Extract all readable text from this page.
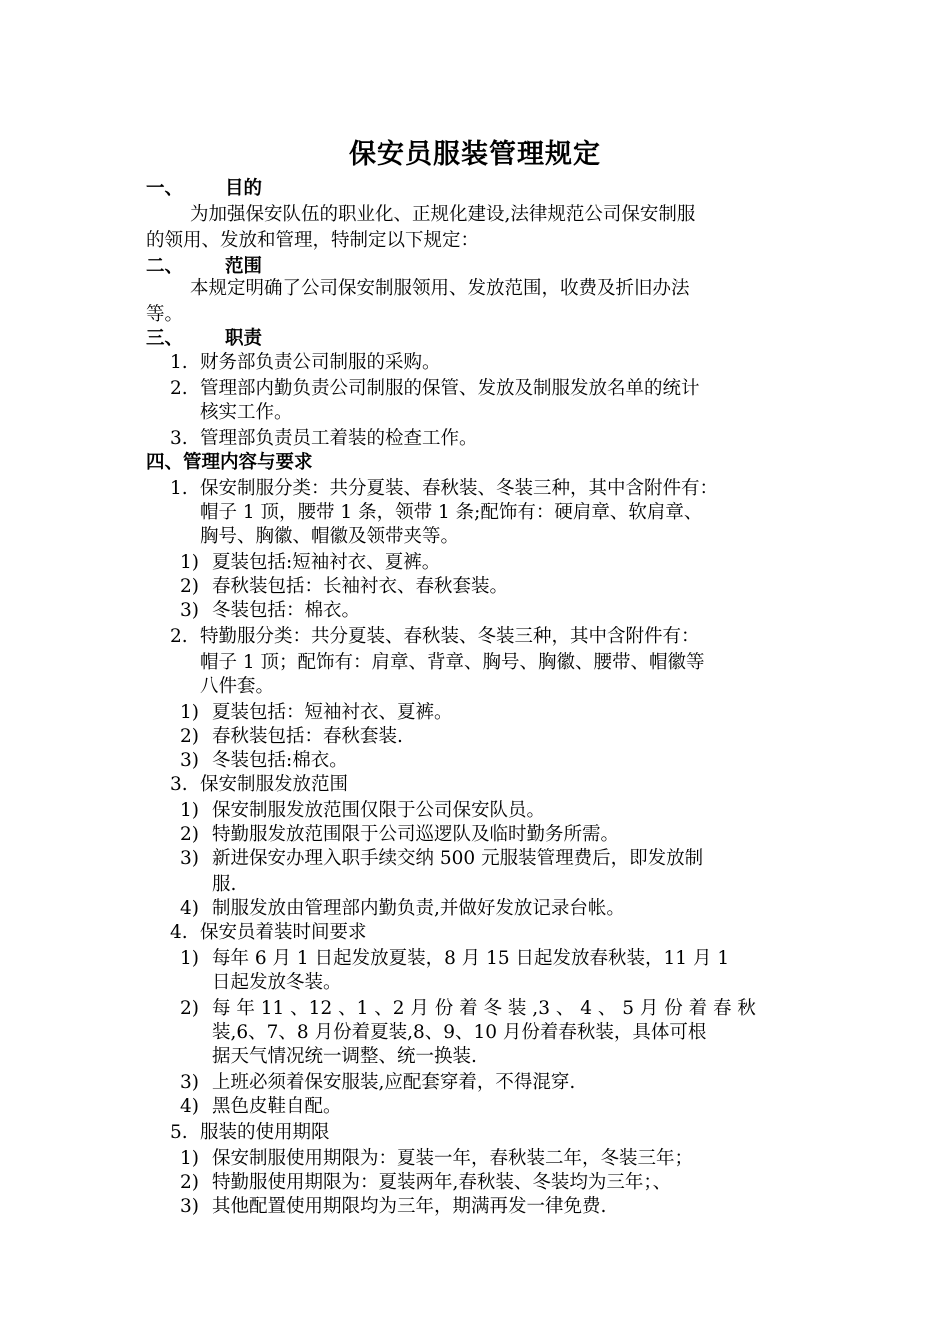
保安员服装管理规定
一、 目的
为加强保安队伍的职业化、正规化建设,法律规范公司保安制服
的领用、发放和管理，特制定以下规定：
二、 范围
本规定明确了公司保安制服领用、发放范围，收费及折旧办法
等。
三、 职责
1. 财务部负责公司制服的采购。
2. 管理部内勤负责公司制服的保管、发放及制服发放名单的统计
核实工作。
3. 管理部负责员工着装的检查工作。
四、管理内容与要求
1. 保安制服分类：共分夏装、春秋装、冬装三种，其中含附件有：
帽子 1 顶，腰带 1 条，领带 1 条;配饰有：硬肩章、软肩章、
胸号、胸徽、帽徽及领带夹等。
1) 夏装包括:短袖衬衣、夏裤。
2) 春秋装包括：长袖衬衣、春秋套装。
3) 冬装包括：棉衣。
2. 特勤服分类：共分夏装、春秋装、冬装三种，其中含附件有：
帽子 1 顶；配饰有：肩章、背章、胸号、胸徽、腰带、帽徽等
八件套。
1) 夏装包括：短袖衬衣、夏裤。
2) 春秋装包括：春秋套装.
3) 冬装包括:棉衣。
3. 保安制服发放范围
1) 保安制服发放范围仅限于公司保安队员。
2) 特勤服发放范围限于公司巡逻队及临时勤务所需。
3) 新进保安办理入职手续交纳 500 元服装管理费后，即发放制
服.
4) 制服发放由管理部内勤负责,并做好发放记录台帐。
4. 保安员着装时间要求
1) 每年 6 月 1 日起发放夏装，8 月 15 日起发放春秋装，11 月 1
日起发放冬装。
2) 每 年 11 、12 、1 、2 月 份 着 冬 装 ,3 、 4 、 5 月 份 着 春 秋
装,6、7、8 月份着夏装,8、9、10 月份着春秋装，具体可根
据天气情况统一调整、统一换装.
3) 上班必须着保安服装,应配套穿着，不得混穿.
4) 黑色皮鞋自配。
5. 服装的使用期限
1) 保安制服使用期限为：夏装一年，春秋装二年，冬装三年；
2) 特勤服使用期限为：夏装两年,春秋装、冬装均为三年；、
3) 其他配置使用期限均为三年，期满再发一律免费.
